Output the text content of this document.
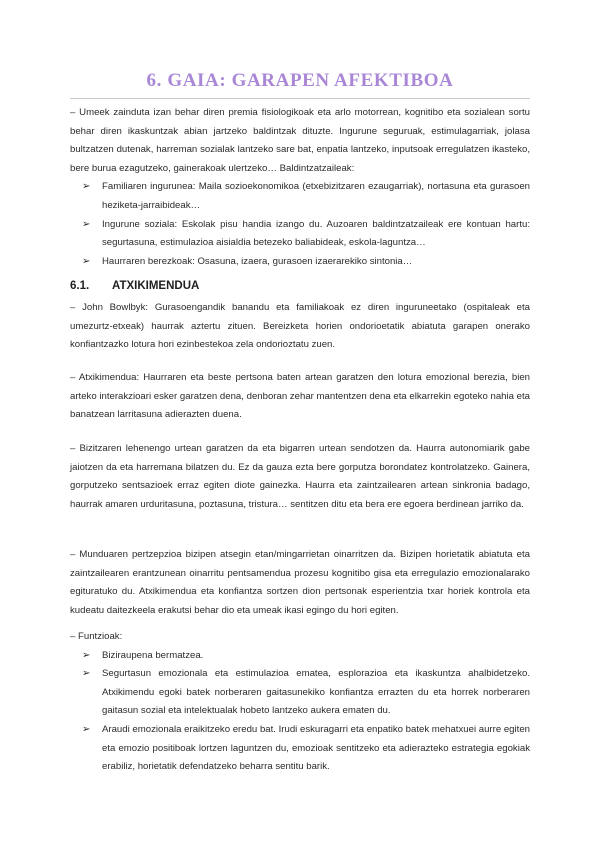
6. GAIA: GARAPEN AFEKTIBOA

– Umeek zainduta izan behar diren premia fisiologikoak eta arlo motorrean, kognitibo eta sozialean sortu behar diren ikaskuntzak abian jartzeko baldintzak dituzte. Ingurune seguruak, estimulagarriak, jolasa bultzatzen dutenak, harreman sozialak lantzeko sare bat, enpatia lantzeko, inputsoak erregulatzen ikasteko, bere burua ezagutzeko, gainerakoak ulertzeko… Baldintzatzaileak:

➢ Familiaren ingurunea: Maila sozioekonomikoa (etxebizitzaren ezaugarriak), nortasuna eta gurasoen heziketa-jarraibideak…
➢ Ingurune soziala: Eskolak pisu handia izango du. Auzoaren baldintzatzaileak ere kontuan hartu: segurtasuna, estimulazioa aisialdia betezeko baliabideak, eskola-laguntza…
➢ Haurraren berezkoak: Osasuna, izaera, gurasoen izaerarekiko sintonia…
6.1. ATXIKIMENDUA

– John Bowlbyk: Gurasoengandik banandu eta familiakoak ez diren inguruneetako (ospitaleak eta umezurtz-etxeak) haurrak aztertu zituen. Bereizketa horien ondorioetatik abiatuta garapen onerako konfiantzazko lotura hori ezinbestekoa zela ondorioztatu zuen.

– Atxikimendua: Haurraren eta beste pertsona baten artean garatzen den lotura emozional berezia, bien arteko interakzioari esker garatzen dena, denboran zehar mantentzen dena eta elkarrekin egoteko nahia eta banatzean larritasuna adierazten duena.

– Bizitzaren lehenengo urtean garatzen da eta bigarren urtean sendotzen da. Haurra autonomiarik gabe jaiotzen da eta harremana bilatzen du. Ez da gauza ezta bere gorputza borondatez kontrolatzeko. Gainera, gorputzeko sentsazioek erraz egiten diote gainezka. Haurra eta zaintzailearen artean sinkronia badago, haurrak amaren urduritasuna, poztasuna, tristura… sentitzen ditu eta bera ere egoera berdinean jarriko da.

– Munduaren pertzepzioa bizipen atsegin etan/mingarrietan oinarritzen da. Bizipen horietatik abiatuta eta zaintzailearen erantzunean oinarritu pentsamendua prozesu kognitibo gisa eta erregulazio emozionalarako egituratuko du. Atxikimendua eta konfiantza sortzen dion pertsonak esperientzia txar horiek kontrola eta kudeatu daitezkeela erakutsi behar dio eta umeak ikasi egingo du hori egiten.

– Funtzioak:

➢ Biziraupena bermatzea.
➢ Segurtasun emozionala eta estimulazioa ematea, esplorazioa eta ikaskuntza ahalbidetzeko. Atxikimendu egoki batek norberaren gaitasunekiko konfiantza errazten du eta horrek norberaren gaitasun sozial eta intelektualak hobeto lantzeko aukera ematen du.
➢ Araudi emozionala eraikitzeko eredu bat. Irudi eskuragarri eta enpatiko batek mehatxuei aurre egiten eta emozio positiboak lortzen laguntzen du, emozioak sentitzeko eta adierazteko estrategia egokiak erabiliz, horietatik defendatzeko beharra sentitu barik.
